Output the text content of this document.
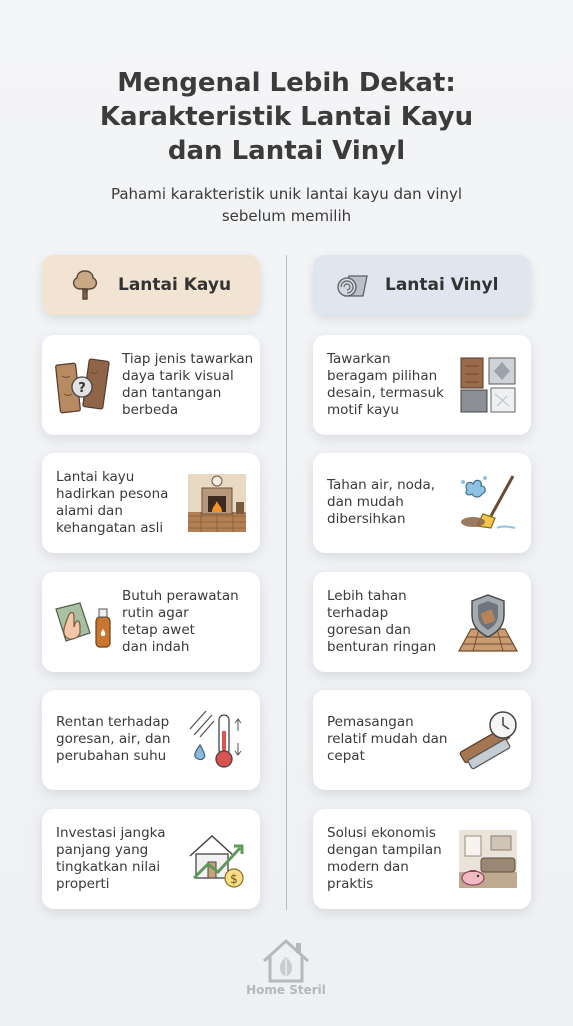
Mengenal Lebih Dekat:
Karakteristik Lantai Kayu
dan Lantai Vinyl

Pahami karakteristik unik lantai kayu dan vinyl
sebelum memilih

Lantai Kayu	Lantai Vinyl
?
Tiap jenis tawarkan
daya tarik visual
dan tantangan
berbeda
Lantai kayu
hadirkan pesona
alami dan
kehangatan asli
Butuh perawatan
rutin agar
tetap awet
dan indah
Rentan terhadap
goresan, air, dan
perubahan suhu
$
Investasi jangka
panjang yang
tingkatkan nilai
properti
Tawarkan
beragam pilihan
desain, termasuk
motif kayu
Tahan air, noda,
dan mudah
dibersihkan
Lebih tahan
terhadap
goresan dan
benturan ringan
Pemasangan
relatif mudah dan
cepat
Solusi ekonomis
dengan tampilan
modern dan
praktis
Home Steril
